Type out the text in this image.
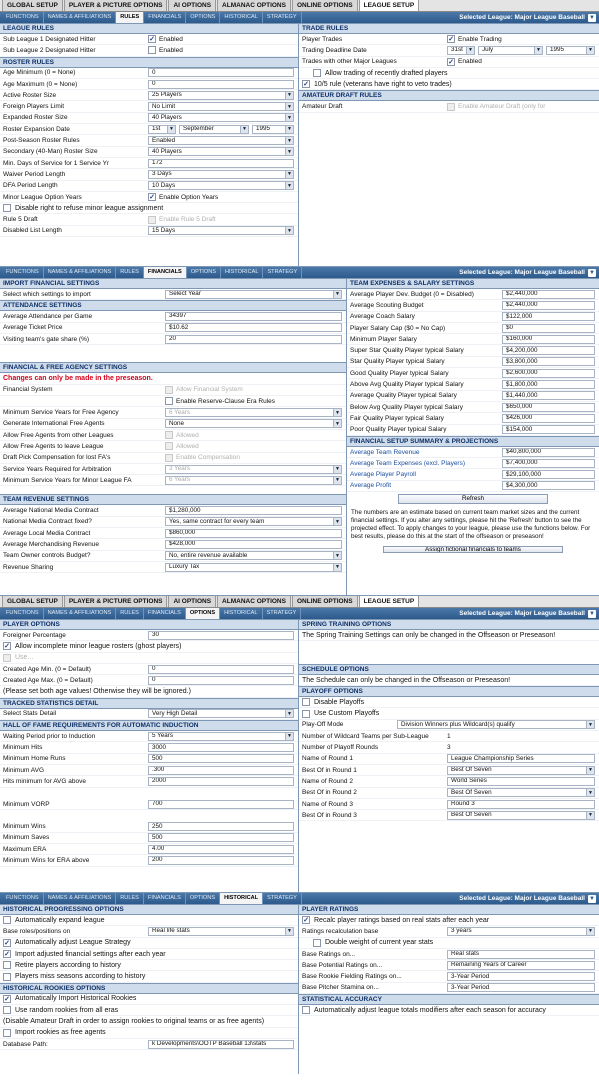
GLOBAL SETUP	PLAYER & PICTURE OPTIONS	AI OPTIONS	ALMANAC OPTIONS	ONLINE OPTIONS	LEAGUE SETUP
FUNCTIONS	NAMES & AFFILIATIONS	RULES	FINANCIALS	OPTIONS	HISTORICAL	STRATEGY	Selected League: Major League Baseball ▼
LEAGUE RULES
Sub League 1 Designated Hitter	✓ Enabled
Sub League 2 Designated Hitter	Enabled
ROSTER RULES
Age Minimum (0 = None)	0
Age Maximum (0 = None)	0
Active Roster Size	25 Players	▼
Foreign Players Limit	No Limit	▼
Expanded Roster Size	40 Players	▼
Roster Expansion Date	1st	▼ September	▼ 1995	▼
Post-Season Roster Rules	Enabled	▼
Secondary (40-Man) Roster Size	40 Players	▼
Min. Days of Service for 1 Service Yr	172
Waiver Period Length	3 Days	▼
DFA Period Length	10 Days	▼
Minor League Option Years	✓ Enable Option Years
Disable right to refuse minor league assignment
Rule 5 Draft	Enable Rule 5 Draft
Disabled List Length	15 Days	▼
TRADE RULES
Player Trades	✓ Enable Trading
Trading Deadline Date	31st	▼ July	▼ 1995	▼
Trades with other Major Leagues	✓ Enabled
Allow trading of recently drafted players
✓ 10/5 rule (veterans have right to veto trades)
AMATEUR DRAFT RULES
Amateur Draft	Enable Amateur Draft (only for
FUNCTIONS	NAMES & AFFILIATIONS	RULES	FINANCIALS	OPTIONS	HISTORICAL	STRATEGY	Selected League: Major League Baseball ▼
IMPORT FINANCIAL SETTINGS
Select which settings to import	Select Year	▼
ATTENDANCE SETTINGS
Average Attendance per Game	34397
Average Ticket Price	$10.62
Visiting team's gate share (%)	20
FINANCIAL & FREE AGENCY SETTINGS
Changes can only be made in the preseason.
Financial System	Allow Financial System
Enable Reserve-Clause Era Rules
Minimum Service Years for Free Agency	6 Years	▼
Generate International Free Agents	None	▼
Allow Free Agents from other Leagues	Allowed
Allow Free Agents to leave League	Allowed
Draft Pick Compensation for lost FA's	Enable Compensation
Service Years Required for Arbitration	3 Years	▼
Minimum Service Years for Minor League FA	6 Years	▼
TEAM REVENUE SETTINGS
Average National Media Contract	$1,280,000
National Media Contract fixed?	Yes, same contract for every team	▼
Average Local Media Contract	$860,000
Average Merchandising Revenue	$428,000
Team Owner controls Budget?	No, entire revenue available	▼
Revenue Sharing	Luxury Tax	▼
TEAM EXPENSES & SALARY SETTINGS
Average Player Dev. Budget (0 = Disabled)	$2,440,000
Average Scouting Budget	$2,440,000
Average Coach Salary	$122,000
Player Salary Cap ($0 = No Cap)	$0
Minimum Player Salary	$160,000
Super Star Quality Player typical Salary	$4,200,000
Star Quality Player typical Salary	$3,800,000
Good Quality Player typical Salary	$2,600,000
Above Avg Quality Player typical Salary	$1,800,000
Average Quality Player typical Salary	$1,440,000
Below Avg Quality Player typical Salary	$650,000
Fair Quality Player typical Salary	$426,000
Poor Quality Player typical Salary	$154,000
FINANCIAL SETUP SUMMARY & PROJECTIONS
Average Team Revenue	$40,800,000
Average Team Expenses (excl. Players)	$7,400,000
Average Player Payroll	$29,100,000
Average Profit	$4,300,000
Refresh
The numbers are an estimate based on current team market sizes and the current financial settings. If you alter any settings, please hit the 'Refresh' button to see the projected effect. To apply changes to your league, please use the functions below. For best results, please do this at the start of the offseason or preseason!
Assign fictional financials to teams
GLOBAL SETUP	PLAYER & PICTURE OPTIONS	AI OPTIONS	ALMANAC OPTIONS	ONLINE OPTIONS	LEAGUE SETUP
FUNCTIONS	NAMES & AFFILIATIONS	RULES	FINANCIALS	OPTIONS	HISTORICAL	STRATEGY	Selected League: Major League Baseball ▼
PLAYER OPTIONS
Foreigner Percentage	30
✓ Allow incomplete minor league rosters (ghost players)
Use...
Created Age Min. (0 = Default)	0
Created Age Max. (0 = Default)	0
(Please set both age values! Otherwise they will be ignored.)
TRACKED STATISTICS DETAIL
Select Stats Detail	Very High Detail	▼
HALL OF FAME REQUIREMENTS FOR AUTOMATIC INDUCTION
Waiting Period prior to Induction	5 Years	▼
Minimum Hits	3000
Minimum Home Runs	500
Minimum AVG	.300
Hits minimum for AVG above	2000
Minimum VORP	700
Minimum Wins	250
Minimum Saves	500
Maximum ERA	4.00
Minimum Wins for ERA above	200
SPRING TRAINING OPTIONS
The Spring Training Settings can only be changed in the Offseason or Preseason!
SCHEDULE OPTIONS
The Schedule can only be changed in the Offseason or Preseason!
PLAYOFF OPTIONS
Disable Playoffs
Use Custom Playoffs
Play-Off Mode	Division Winners plus Wildcard(s) qualify	▼
Number of Wildcard Teams per Sub-League	1
Number of Playoff Rounds	3
Name of Round 1	League Championship Series
Best Of in Round 1	Best Of Seven	▼
Name of Round 2	World Series
Best Of in Round 2	Best Of Seven	▼
Name of Round 3	Round 3
Best Of in Round 3	Best Of Seven	▼
FUNCTIONS	NAMES & AFFILIATIONS	RULES	FINANCIALS	OPTIONS	HISTORICAL	STRATEGY	Selected League: Major League Baseball ▼
HISTORICAL PROGRESSING OPTIONS
Automatically expand league
Base roles/positions on	Real life stats	▼
✓ Automatically adjust League Strategy
✓ Import adjusted financial settings after each year
Retire players according to history
Players miss seasons according to history
HISTORICAL ROOKIES OPTIONS
✓ Automatically Import Historical Rookies
Use random rookies from all eras
(Disable Amateur Draft in order to assign rookies to original teams or as free agents)
Import rookies as free agents
Database Path:	k Developments\OOTP Baseball 13\stats
PLAYER RATINGS
✓ Recalc player ratings based on real stats after each year
Ratings recalculation base	3 years	▼
Double weight of current year stats
Base Ratings on...	Real stats
Base Potential Ratings on...	Remaining Years of Career
Base Rookie Fielding Ratings on...	3-Year Period
Base Pitcher Stamina on...	3-Year Period
STATISTICAL ACCURACY
Automatically adjust league totals modifiers after each season for accuracy
